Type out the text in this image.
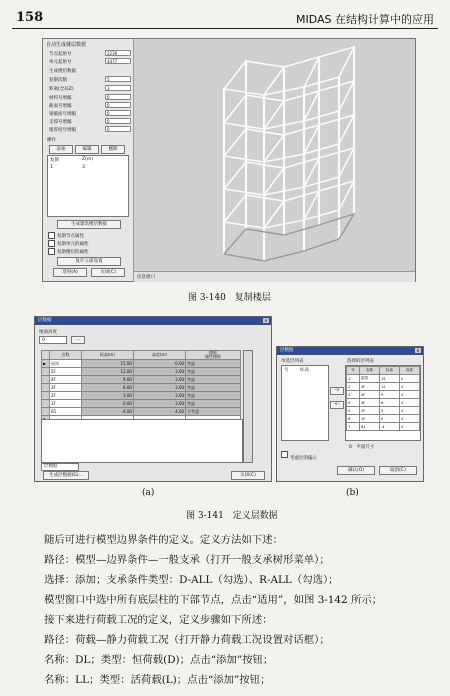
158	MIDAS 在结构计算中的应用
自动生成楼层数据
节点起始号	2239
单元起始号	4477
生成楼层数据
复制次数	5
距离(全局Z)	3
材料号增幅	0
截面号增幅	0
梁截面号增幅	0
支撑号增幅	0
墙厚度号增幅	0
操作
添加	编辑	删除
复制	Z(m)
1	3
生成建筑楼层数据
复制节点属性
复制单元的属性
复制楼层的属性
复许立面设置
适用(A)	关闭(C)
信息窗口
图 3-140　复制楼层
层数据	✕
地面高度
0	…
	名称	标高(m)	高度(m)	楼板
刚性楼板
▶	屋顶	15.00	0.00	考虑
	5F	12.00	3.00	考虑
	4F	9.00	3.00	考虑
	3F	6.00	3.00	考虑
	2F	3.00	3.00	考虑
	1F	0.00	3.00	考虑
	B1	-4.00	4.00	不考虑

层数据
生成层数据(G)...	关闭(C)
层数据	✕
单选层列表
号	标高
->
<-
选择的层列表
号	名称	标高	高度
1	屋顶	15	0
2	5F	12	3
3	4F	9	3
4	3F	6	3
5	2F	3	3
6	1F	0	3
7	B1	-4	4
考虑层的偏心
0　平面尺寸
确认(O)	取消(C)
(a)	(b)
图 3-141　定义层数据

随后可进行模型边界条件的定义。定义方法如下述：

路径：模型—边界条件—一般支承（打开一般支承树形菜单）；

选择：添加；支承条件类型：D-ALL（勾选）、R-ALL（勾选）；

模型窗口中选中所有底层柱的下部节点，点击“适用”，如图 3-142 所示；

接下来进行荷载工况的定义，定义步骤如下所述：

路径：荷载—静力荷载工况（打开静力荷载工况设置对话框）；

名称：DL；类型：恒荷载(D)；点击“添加”按钮；

名称：LL；类型：活荷载(L)；点击“添加”按钮；
